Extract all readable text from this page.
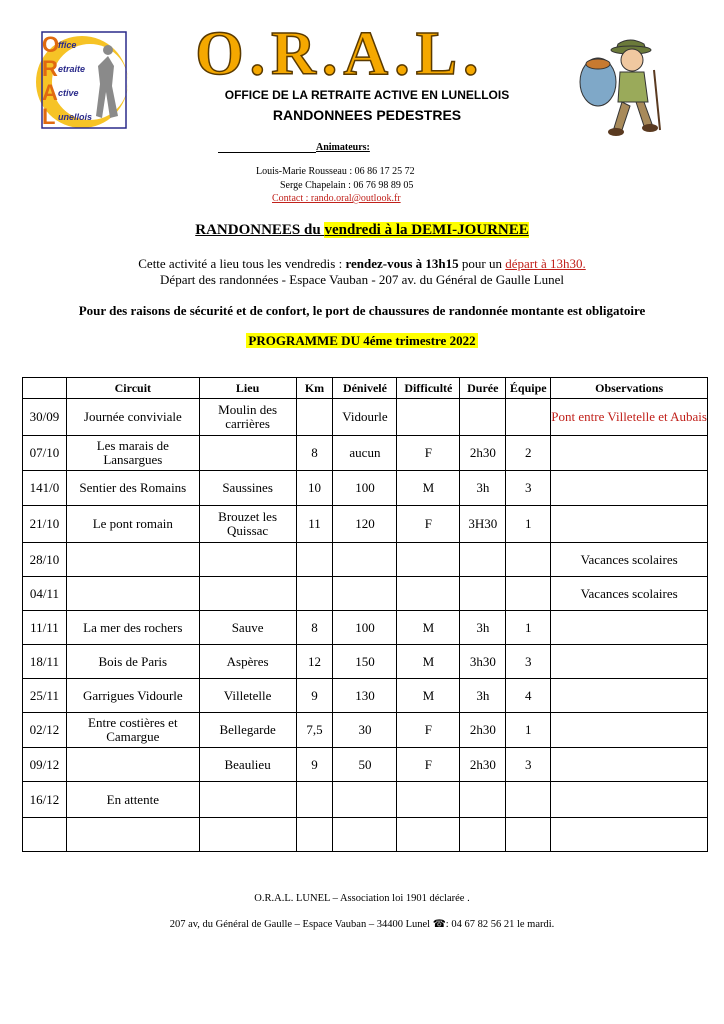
O
ffice
R etraite
A ctive
L unellois
O.R.A.L.
OFFICE DE LA RETRAITE ACTIVE EN LUNELLOIS
RANDONNEES PEDESTRES
Animateurs:
Louis-Marie Rousseau : 06 86 17 25 72
Serge Chapelain : 06 76 98 89 05
Contact : rando.oral@outlook.fr
RANDONNEES du vendredi à la DEMI-JOURNEE
Cette activité a lieu tous les vendredis : rendez-vous à 13h15 pour un départ à 13h30.
Départ des randonnées - Espace Vauban - 207 av. du Général de Gaulle Lunel
Pour des raisons de sécurité et de confort, le port de chaussures de randonnée montante est obligatoire
PROGRAMME DU 4éme trimestre 2022
	Circuit	Lieu	Km	Dénivelé	Difficulté	Durée	Équipe	Observations
30/09	Journée conviviale	Moulin des carrières		Vidourle				Pont entre Villetelle et Aubais
07/10	Les marais de Lansargues		8	aucun	F	2h30	2	
141/0	Sentier des Romains	Saussines	10	100	M	3h	3	
21/10	Le pont romain	Brouzet les Quissac	11	120	F	3H30	1	
28/10								Vacances scolaires
04/11								Vacances scolaires
11/11	La mer des rochers	Sauve	8	100	M	3h	1	
18/11	Bois de Paris	Aspères	12	150	M	3h30	3	
25/11	Garrigues Vidourle	Villetelle	9	130	M	3h	4	
02/12	Entre costières et Camargue	Bellegarde	7,5	30	F	2h30	1	
09/12		Beaulieu	9	50	F	2h30	3	
16/12	En attente							

O.R.A.L. LUNEL – Association loi 1901 déclarée .
207 av, du Général de Gaulle – Espace Vauban – 34400 Lunel ☎: 04 67 82 56 21 le mardi.
